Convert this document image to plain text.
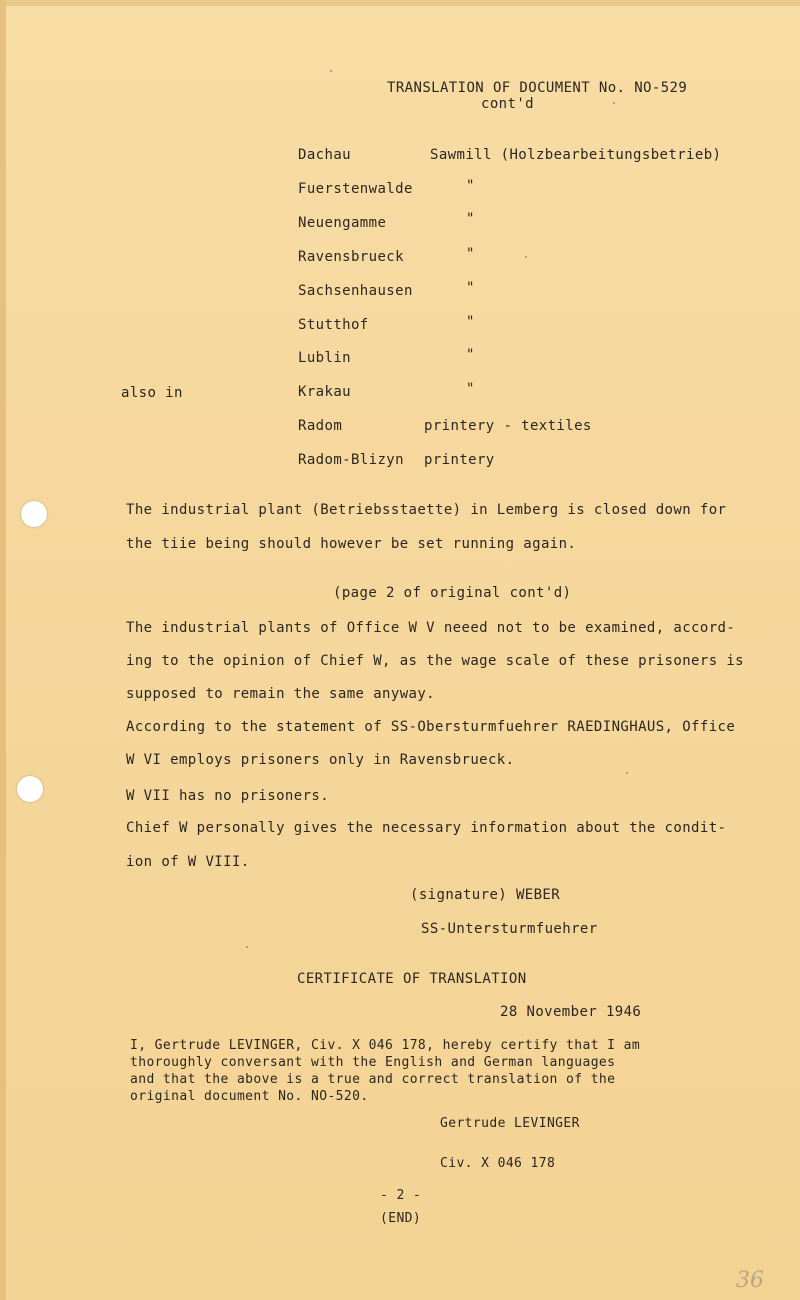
TRANSLATION OF DOCUMENT No. NO-529
cont'd
also in
Dachau	Sawmill (Holzbearbeitungsbetrieb)
Fuerstenwalde	"
Neuengamme	"
Ravensbrueck	"
Sachsenhausen	"
Stutthof	"
Lublin	"
Krakau	"
Radom	printery - textiles
Radom-Blizyn printery
The industrial plant (Betriebsstaette) in Lemberg is closed down for
the tiie being should however be set running again.
(page 2 of original cont'd)
The industrial plants of Office W V neeed not to be examined, accord-
ing to the opinion of Chief W, as the wage scale of these prisoners is
supposed to remain the same anyway.
According to the statement of SS-Obersturmfuehrer RAEDINGHAUS, Office
W VI employs prisoners only in Ravensbrueck.
W VII has no prisoners.
Chief W personally gives the necessary information about the condit-
ion of W VIII.
(signature) WEBER
SS-Untersturmfuehrer
CERTIFICATE OF TRANSLATION
28 November 1946
I, Gertrude LEVINGER, Civ. X 046 178, hereby certify that I am
thoroughly conversant with the English and German languages
and that the above is a true and correct translation of the
original document No. NO-520.
Gertrude LEVINGER
Civ. X 046 178
- 2 -
(END)
36
